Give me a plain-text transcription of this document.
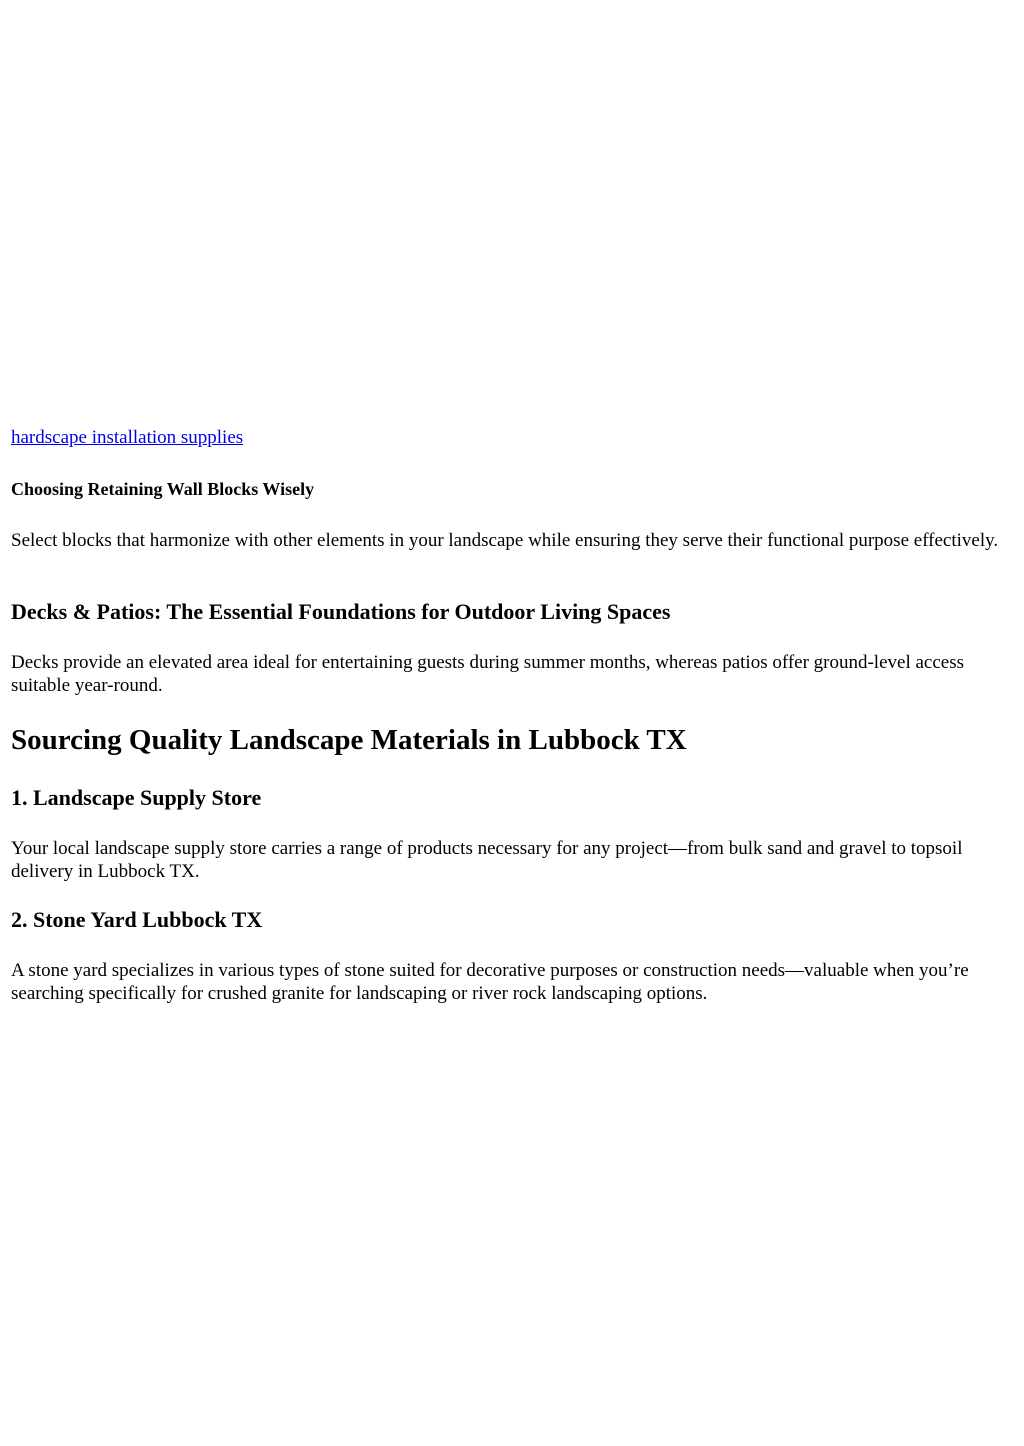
hardscape installation supplies
Choosing Retaining Wall Blocks Wisely

Select blocks that harmonize with other elements in your landscape while ensuring they serve their functional purpose effectively.

Decks & Patios: The Essential Foundations for Outdoor Living Spaces

Decks provide an elevated area ideal for entertaining guests during summer months, whereas patios offer ground-level access suitable year-round.

Sourcing Quality Landscape Materials in Lubbock TX
1. Landscape Supply Store

Your local landscape supply store carries a range of products necessary for any project—from bulk sand and gravel to topsoil delivery in Lubbock TX.

2. Stone Yard Lubbock TX

A stone yard specializes in various types of stone suited for decorative purposes or construction needs—valuable when you’re searching specifically for crushed granite for landscaping or river rock landscaping options.
